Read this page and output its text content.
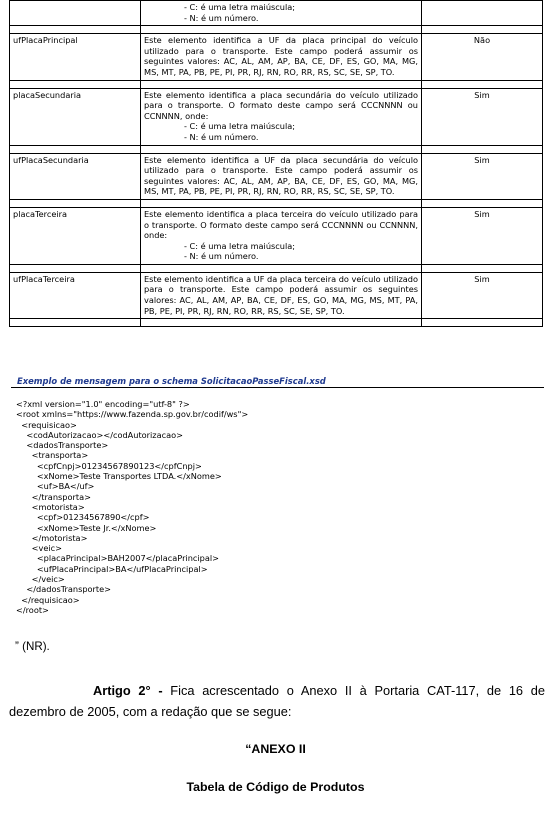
	- C: é uma letra maiúscula;
- N: é um número.	

ufPlacaPrincipal	Este elemento identifica a UF da placa principal do veículo utilizado para o transporte. Este campo poderá assumir os seguintes valores: AC, AL, AM, AP, BA, CE, DF, ES, GO, MA, MG, MS, MT, PA, PB, PE, PI, PR, RJ, RN, RO, RR, RS, SC, SE, SP, TO.	Não

placaSecundaria	Este elemento identifica a placa secundária do veículo utilizado para o transporte. O formato deste campo será CCCNNNN ou CCNNNN, onde:
- C: é uma letra maiúscula;
- N: é um número.	Sim

ufPlacaSecundaria	Este elemento identifica a UF da placa secundária do veículo utilizado para o transporte. Este campo poderá assumir os seguintes valores: AC, AL, AM, AP, BA, CE, DF, ES, GO, MA, MG, MS, MT, PA, PB, PE, PI, PR, RJ, RN, RO, RR, RS, SC, SE, SP, TO.	Sim

placaTerceira	Este elemento identifica a placa terceira do veículo utilizado para o transporte. O formato deste campo será CCCNNNN ou CCNNNN, onde:
- C: é uma letra maiúscula;
- N: é um número.	Sim

ufPlacaTerceira	Este elemento identifica a UF da placa terceira do veículo utilizado para o transporte. Este campo poderá assumir os seguintes valores: AC, AL, AM, AP, BA, CE, DF, ES, GO, MA, MG, MS, MT, PA, PB, PE, PI, PR, RJ, RN, RO, RR, RS, SC, SE, SP, TO.	Sim

Exemplo de mensagem para o schema SolicitacaoPasseFiscal.xsd
<?xml version="1.0" encoding="utf-8" ?>
<root xmlns="https://www.fazenda.sp.gov.br/codif/ws">
<requisicao>
<codAutorizacao></codAutorizacao>
<dadosTransporte>
<transporta>
<cpfCnpj>01234567890123</cpfCnpj>
<xNome>Teste Transportes LTDA.</xNome>
<uf>BA</uf>
</transporta>
<motorista>
<cpf>01234567890</cpf>
<xNome>Teste Jr.</xNome>
</motorista>
<veic>
<placaPrincipal>BAH2007</placaPrincipal>
<ufPlacaPrincipal>BA</ufPlacaPrincipal>
</veic>
</dadosTransporte>
</requisicao>
</root>
” (NR).
Artigo 2° - Fica acrescentado o Anexo II à Portaria CAT-117, de 16 de dezembro de 2005, com a redação que se segue:
“ANEXO II
Tabela de Código de Produtos
